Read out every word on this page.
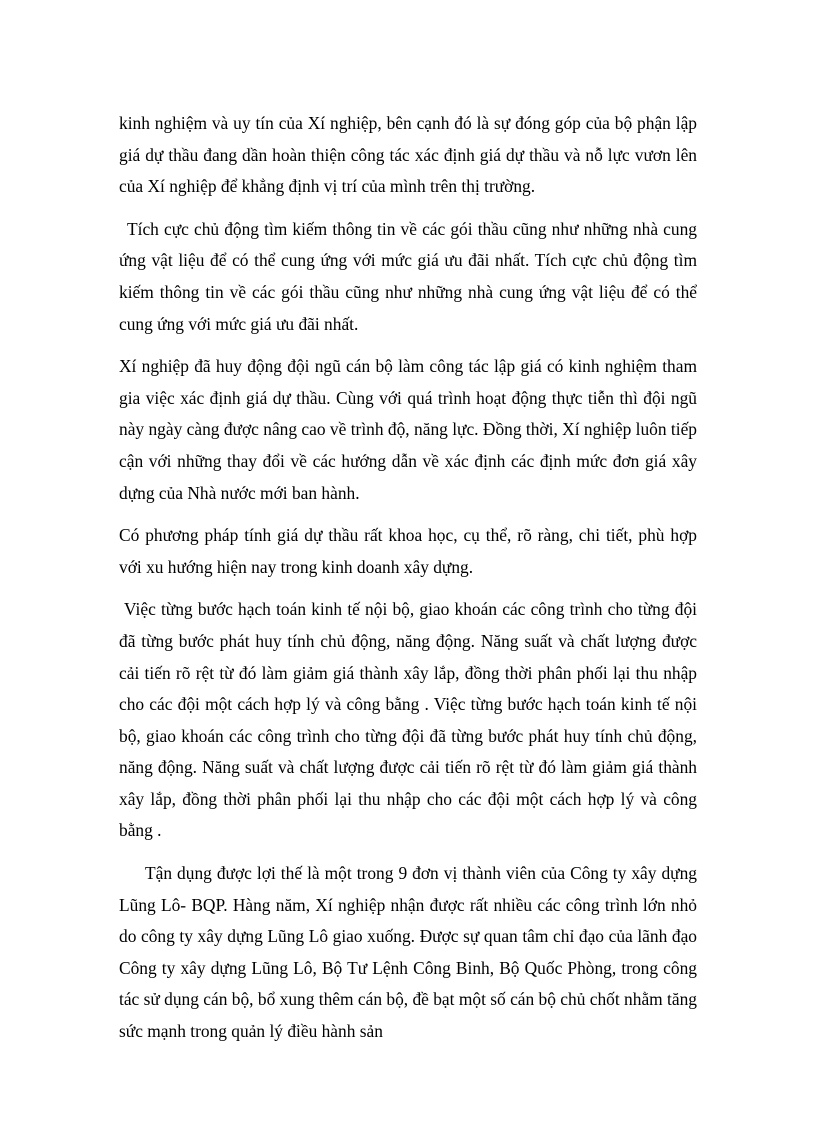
kinh nghiệm và uy tín của Xí nghiệp, bên cạnh đó là sự đóng góp của bộ phận lập giá dự thầu đang dần hoàn thiện công tác xác định giá dự thầu và nỗ lực vươn lên của Xí nghiệp để khẳng định vị trí của mình trên thị trường.

Tích cực chủ động tìm kiếm thông tin về các gói thầu cũng như những nhà cung ứng vật liệu để có thể cung ứng với mức giá ưu đãi nhất. Tích cực chủ động tìm kiếm thông tin về các gói thầu cũng như những nhà cung ứng vật liệu để có thể cung ứng với mức giá ưu đãi nhất.

Xí nghiệp đã huy động đội ngũ cán bộ làm công tác lập giá có kinh nghiệm tham gia việc xác định giá dự thầu. Cùng với quá trình hoạt động thực tiễn thì đội ngũ này ngày càng được nâng cao về trình độ, năng lực. Đồng thời, Xí nghiệp luôn tiếp cận với những thay đổi về các hướng dẫn về xác định các định mức đơn giá xây dựng của Nhà nước mới ban hành.

Có phương pháp tính giá dự thầu rất khoa học, cụ thể, rõ ràng, chi tiết, phù hợp với xu hướng hiện nay trong kinh doanh xây dựng.

Việc từng bước hạch toán kinh tế nội bộ, giao khoán các công trình cho từng đội đã từng bước phát huy tính chủ động, năng động. Năng suất và chất lượng được cải tiến rõ rệt từ đó làm giảm giá thành xây lắp, đồng thời phân phối lại thu nhập cho các đội một cách hợp lý và công bằng . Việc từng bước hạch toán kinh tế nội bộ, giao khoán các công trình cho từng đội đã từng bước phát huy tính chủ động, năng động. Năng suất và chất lượng được cải tiến rõ rệt từ đó làm giảm giá thành xây lắp, đồng thời phân phối lại thu nhập cho các đội một cách hợp lý và công bằng .

Tận dụng được lợi thế là một trong 9 đơn vị thành viên của Công ty xây dựng Lũng Lô- BQP. Hàng năm, Xí nghiệp nhận được rất nhiều các công trình lớn nhỏ do công ty xây dựng Lũng Lô giao xuống. Được sự quan tâm chỉ đạo của lãnh đạo Công ty xây dựng Lũng Lô, Bộ Tư Lệnh Công Binh, Bộ Quốc Phòng, trong công tác sử dụng cán bộ, bổ xung thêm cán bộ, đề bạt một số cán bộ chủ chốt nhằm tăng sức mạnh trong quản lý điều hành sản
